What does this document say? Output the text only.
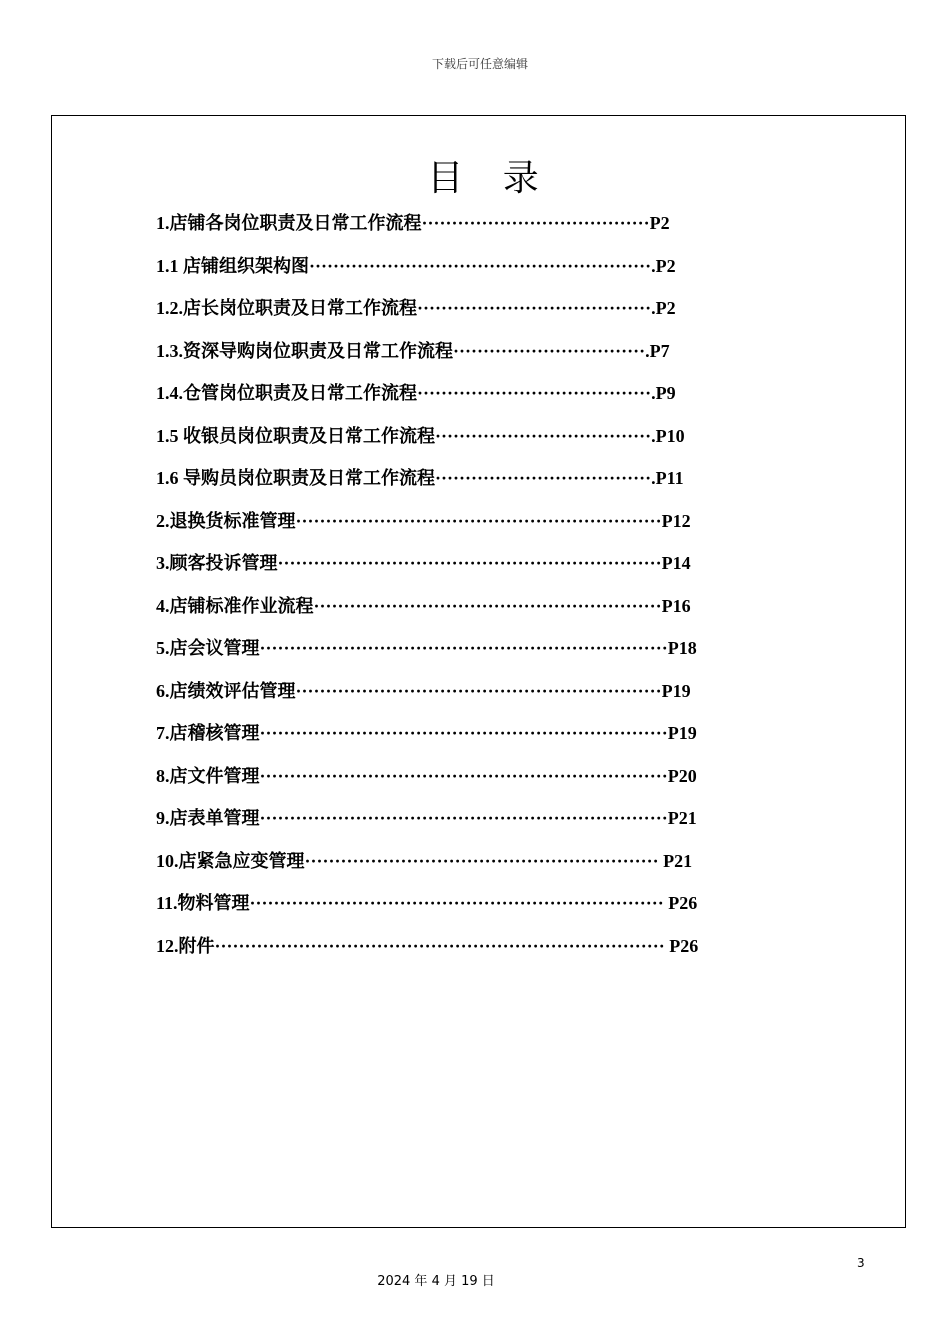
下载后可任意编辑
目 录
1.店铺各岗位职责及日常工作流程······································P2
1.1 店铺组织架构图·························································.P2
1.2.店长岗位职责及日常工作流程·······································.P2
1.3.资深导购岗位职责及日常工作流程································.P7
1.4.仓管岗位职责及日常工作流程·······································.P9
1.5 收银员岗位职责及日常工作流程····································.P10
1.6 导购员岗位职责及日常工作流程····································.P11
2.退换货标准管理·····························································P12
3.顾客投诉管理································································P14
4.店铺标准作业流程··························································P16
5.店会议管理····································································P18
6.店绩效评估管理·····························································P19
7.店稽核管理····································································P19
8.店文件管理····································································P20
9.店表单管理····································································P21
10.店紧急应变管理··························································· P21
11.物料管理····································································· P26
12.附件··········································································· P26
3
2024 年 4 月 19 日
